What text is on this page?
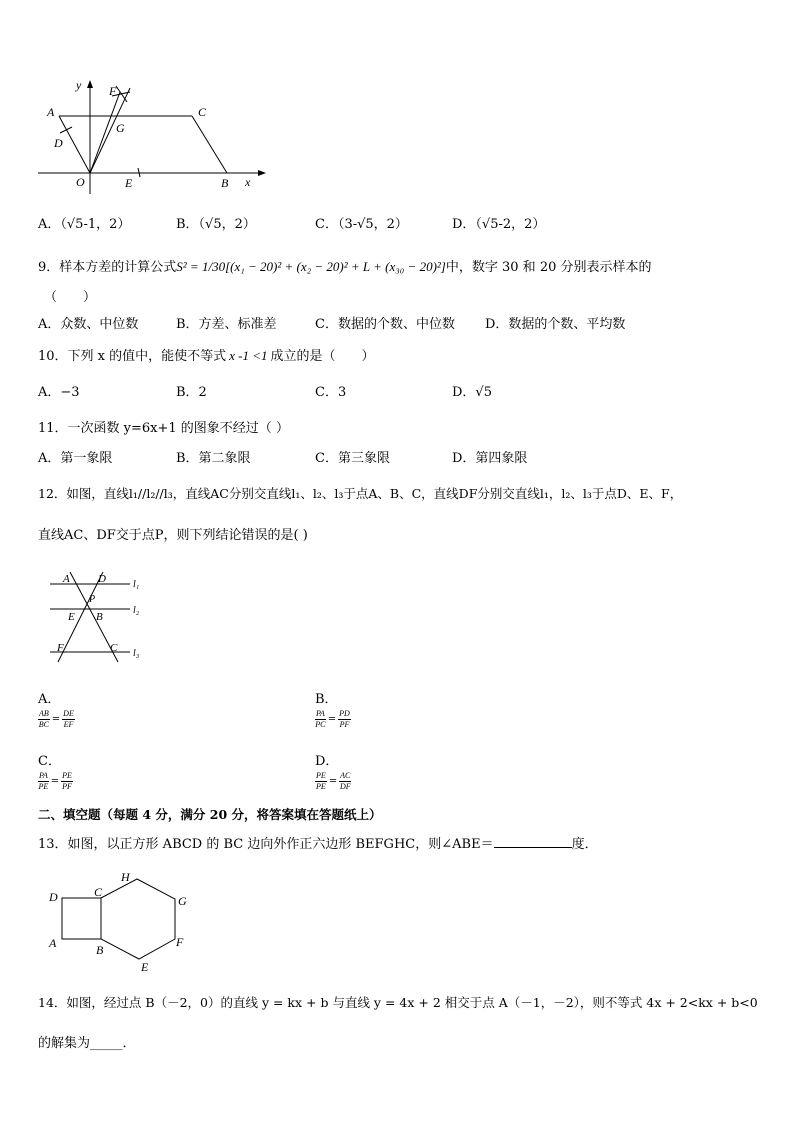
y F
A	C
G
D
O	E	B x
A．（√5-1，2）	B．（√5，2）	C．（3-√5，2）	D．（√5-2，2）
9．样本方差的计算公式S² = 1/30[(x₁ − 20)² + (x₂ − 20)² + L + (x₃₀ − 20)²]中，数字 30 和 20 分别表示样本的
（　　）
A．众数、中位数	B．方差、标准差	C．数据的个数、中位数 D．数据的个数、平均数
10．下列 x 的值中，能使不等式 x -1 <1 成立的是（　　）
A．−3	B．2	C．3	D．√5
11．一次函数 y=6x+1 的图象不经过（ ）
A．第一象限	B．第二象限	C．第三象限	D．第四象限
12．如图，直线l₁//l₂//l₃，直线AC分别交直线l₁、l₂、l₃于点A、B、C，直线DF分别交直线l₁，l₂、l₃于点D、E、F，
直线AC、DF交于点P，则下列结论错误的是( )
A	D
P
E B
F	C
l₁
l₂
l₃
A．
$\frac{AB}{BC} = \frac{DE}{EF}$
B．
$\frac{PA}{PC} = \frac{PD}{PF}$
C．
$\frac{PA}{PE} = \frac{PE}{PF}$
D．
$\frac{PE}{PE} = \frac{AC}{DF}$
二、填空题（每题 4 分，满分 20 分，将答案填在答题纸上）
13．如图，以正方形 ABCD 的 BC 边向外作正六边形 BEFGHC，则∠ABE＝	度．
D	C
H
G
A	B
F
E
14．如图，经过点 B（－2，0）的直线 y = kx + b 与直线 y = 4x + 2 相交于点 A（－1，－2），则不等式 4x + 2<kx + b<0
的解集为_____．
